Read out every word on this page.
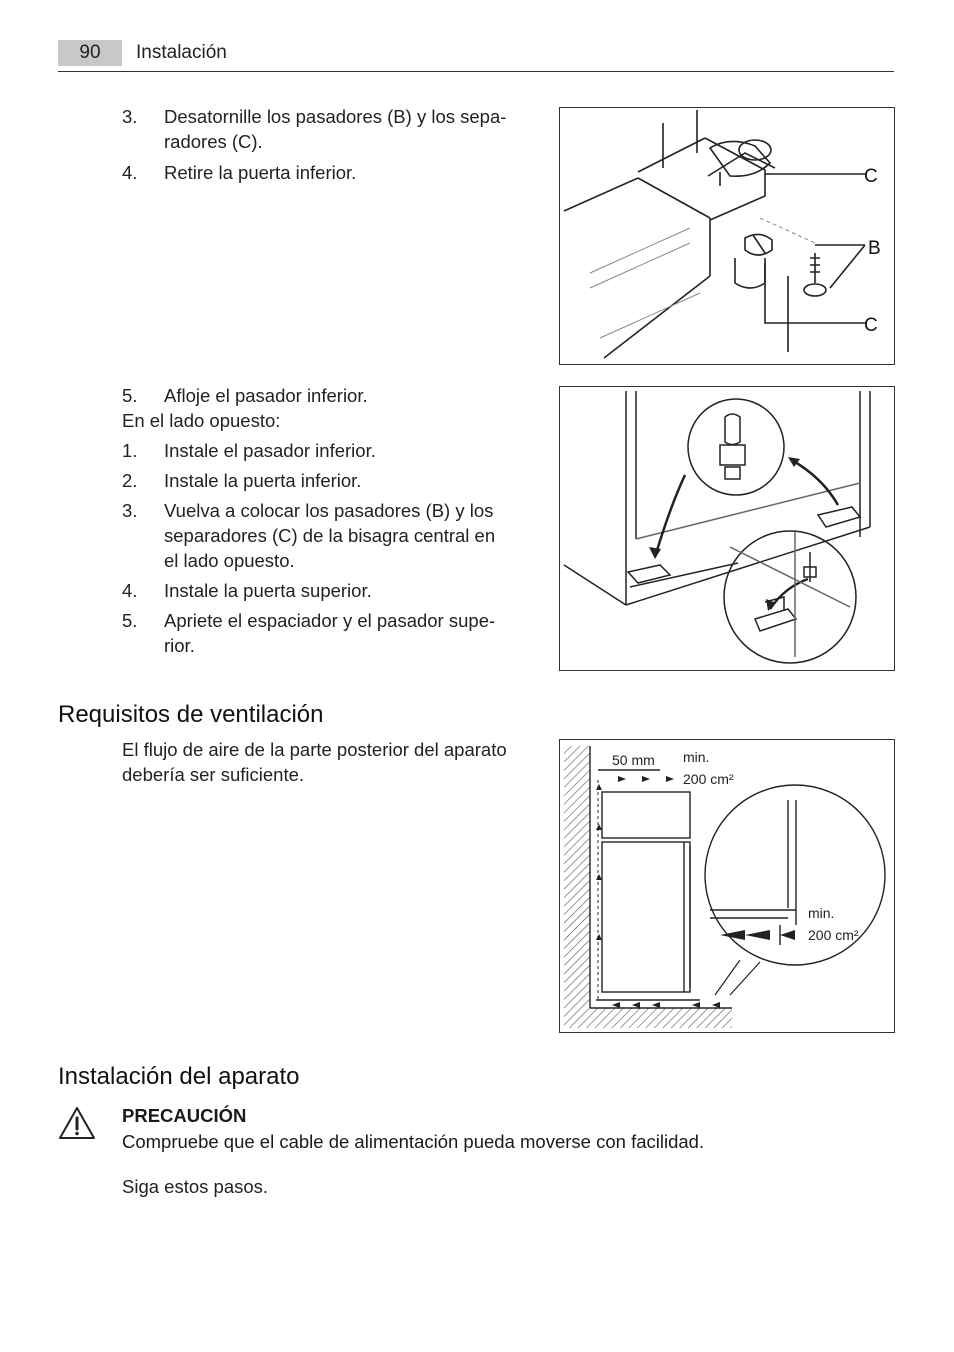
90	Instalación
3. Desatornille los pasadores (B) y los sepa-radores (C).
4. Retire la puerta inferior.	C
B
C
5. Afloje el pasador inferior.
En el lado opuesto:
1. Instale el pasador inferior.
2. Instale la puerta inferior.
3. Vuelva a colocar los pasadores (B) y los separadores (C) de la bisagra central en el lado opuesto.
4. Instale la puerta superior.
5. Apriete el espaciador y el pasador supe-rior.
Requisitos de ventilación
El flujo de aire de la parte posterior del aparato debería ser suficiente.
50 mm min.
200 cm²
min.
200 cm²
Instalación del aparato
PRECAUCIÓN
Compruebe que el cable de alimentación pueda moverse con facilidad.
Siga estos pasos.
